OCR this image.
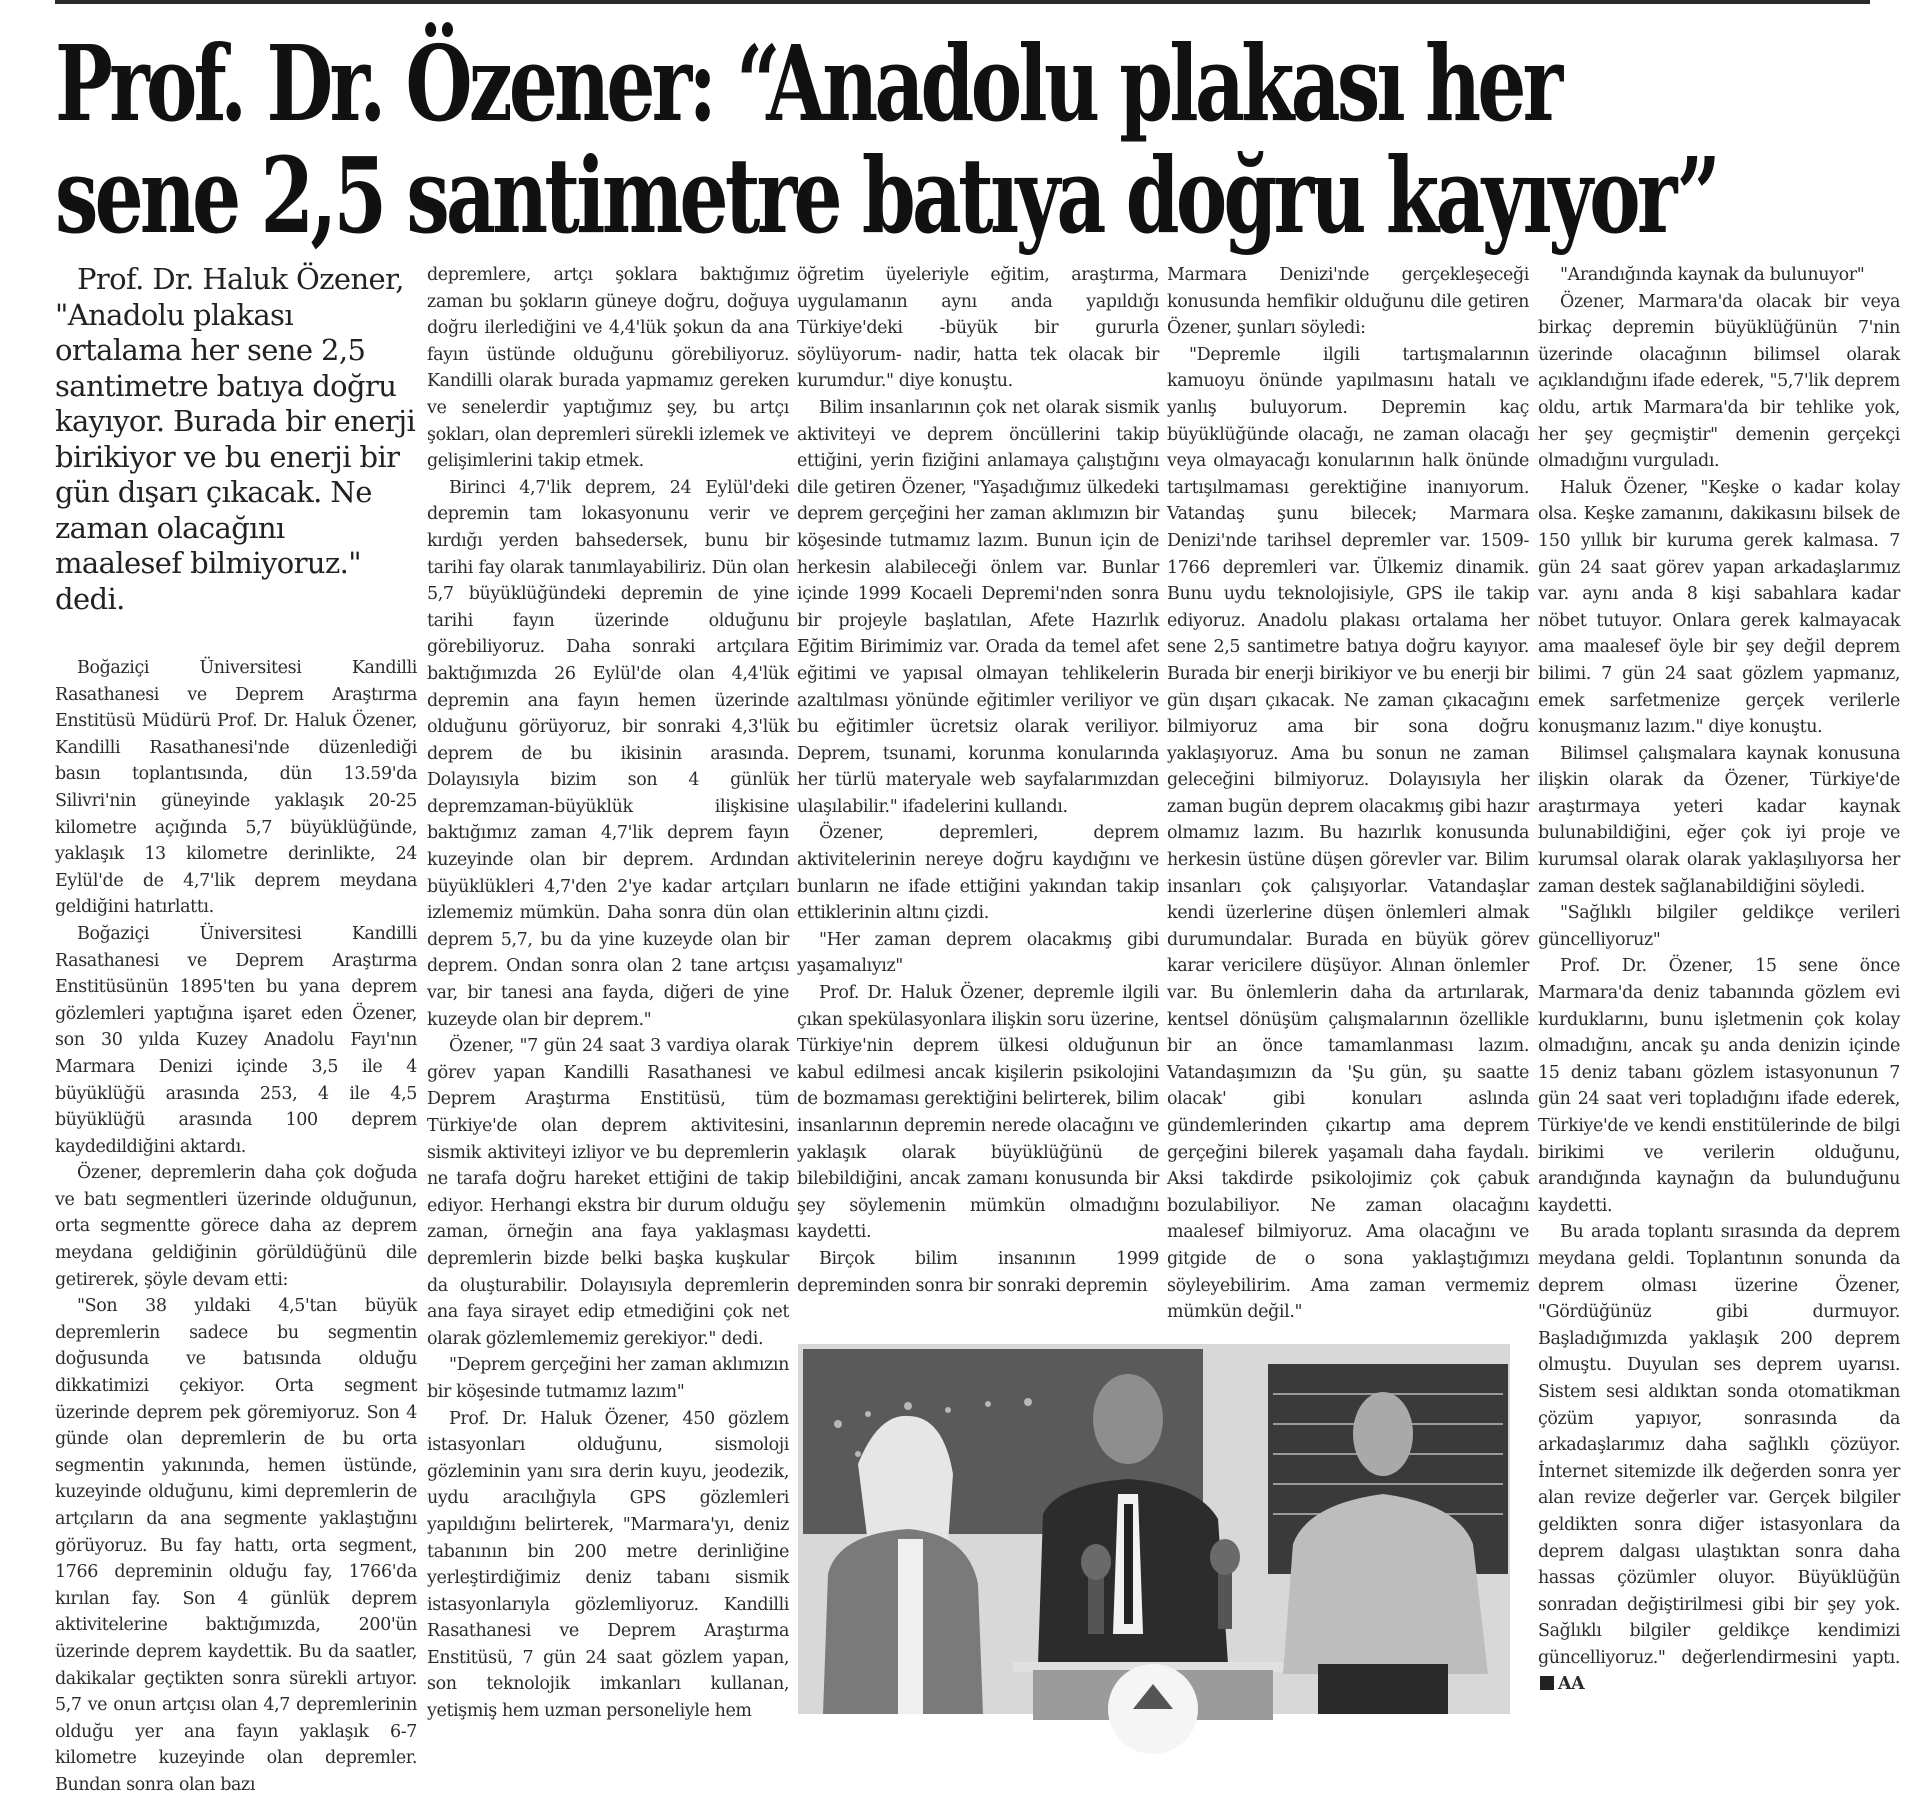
Prof. Dr. Özener: “Anadolu plakası her
sene 2,5 santimetre batıya doğru kayıyor”

Prof. Dr. Haluk Özener, "Anadolu plakası ortalama her sene 2,5 santimetre batıya doğru kayıyor. Burada bir enerji birikiyor ve bu enerji bir gün dışarı çıkacak. Ne zaman olacağını maalesef bilmiyoruz." dedi.

Boğaziçi Üniversitesi Kandilli Rasathanesi ve Deprem Araştırma Enstitüsü Müdürü Prof. Dr. Haluk Özener, Kandilli Rasathanesi'nde düzenlediği basın toplantısında, dün 13.59'da Silivri'nin güneyinde yaklaşık 20-25 kilometre açığında 5,7 büyüklüğünde, yaklaşık 13 kilometre derinlikte, 24 Eylül'de de 4,7'lik deprem meydana geldiğini hatırlattı.

Boğaziçi Üniversitesi Kandilli Rasathanesi ve Deprem Araştırma Enstitüsünün 1895'ten bu yana deprem gözlemleri yaptığına işaret eden Özener, son 30 yılda Kuzey Anadolu Fayı'nın Marmara Denizi içinde 3,5 ile 4 büyüklüğü arasında 253, 4 ile 4,5 büyüklüğü arasında 100 deprem kaydedildiğini aktardı.

Özener, depremlerin daha çok doğuda ve batı segmentleri üzerinde olduğunun, orta segmentte görece daha az deprem meydana geldiğinin görüldüğünü dile getirerek, şöyle devam etti:

"Son 38 yıldaki 4,5'tan büyük depremlerin sadece bu segmentin doğusunda ve batısında olduğu dikkatimizi çekiyor. Orta segment üzerinde deprem pek göremiyoruz. Son 4 günde olan depremlerin de bu orta segmentin yakınında, hemen üstünde, kuzeyinde olduğunu, kimi depremlerin de artçıların da ana segmente yaklaştığını görüyoruz. Bu fay hattı, orta segment, 1766 depreminin olduğu fay, 1766'da kırılan fay. Son 4 günlük deprem aktivitelerine baktığımızda, 200'ün üzerinde deprem kaydettik. Bu da saatler, dakikalar geçtikten sonra sürekli artıyor. 5,7 ve onun artçısı olan 4,7 depremlerinin olduğu yer ana fayın yaklaşık 6-7 kilometre kuzeyinde olan depremler. Bundan sonra olan bazı

depremlere, artçı şoklara baktığımız zaman bu şokların güneye doğru, doğuya doğru ilerlediğini ve 4,4'lük şokun da ana fayın üstünde olduğunu görebiliyoruz. Kandilli olarak burada yapmamız gereken ve senelerdir yaptığımız şey, bu artçı şokları, olan depremleri sürekli izlemek ve gelişimlerini takip etmek.

Birinci 4,7'lik deprem, 24 Eylül'deki depremin tam lokasyonunu verir ve kırdığı yerden bahsedersek, bunu bir tarihi fay olarak tanımlayabiliriz. Dün olan 5,7 büyüklüğündeki depremin de yine tarihi fayın üzerinde olduğunu görebiliyoruz. Daha sonraki artçılara baktığımızda 26 Eylül'de olan 4,4'lük depremin ana fayın hemen üzerinde olduğunu görüyoruz, bir sonraki 4,3'lük deprem de bu ikisinin arasında. Dolayısıyla bizim son 4 günlük depremzaman-büyüklük ilişkisine baktığımız zaman 4,7'lik deprem fayın kuzeyinde olan bir deprem. Ardından büyüklükleri 4,7'den 2'ye kadar artçıları izlememiz mümkün. Daha sonra dün olan deprem 5,7, bu da yine kuzeyde olan bir deprem. Ondan sonra olan 2 tane artçısı var, bir tanesi ana fayda, diğeri de yine kuzeyde olan bir deprem."

Özener, "7 gün 24 saat 3 vardiya olarak görev yapan Kandilli Rasathanesi ve Deprem Araştırma Enstitüsü, tüm Türkiye'de olan deprem aktivitesini, sismik aktiviteyi izliyor ve bu depremlerin ne tarafa doğru hareket ettiğini de takip ediyor. Herhangi ekstra bir durum olduğu zaman, örneğin ana faya yaklaşması depremlerin bizde belki başka kuşkular da oluşturabilir. Dolayısıyla depremlerin ana faya sirayet edip etmediğini çok net olarak gözlemlememiz gerekiyor." dedi.

"Deprem gerçeğini her zaman aklımızın bir köşesinde tutmamız lazım"

Prof. Dr. Haluk Özener, 450 gözlem istasyonları olduğunu, sismoloji gözleminin yanı sıra derin kuyu, jeodezik, uydu aracılığıyla GPS gözlemleri yapıldığını belirterek, "Marmara'yı, deniz tabanının bin 200 metre derinliğine yerleştirdiğimiz deniz tabanı sismik istasyonlarıyla gözlemliyoruz. Kandilli Rasathanesi ve Deprem Araştırma Enstitüsü, 7 gün 24 saat gözlem yapan, son teknolojik imkanları kullanan, yetişmiş hem uzman personeliyle hem

öğretim üyeleriyle eğitim, araştırma, uygulamanın aynı anda yapıldığı Türkiye'deki -büyük bir gururla söylüyorum- nadir, hatta tek olacak bir kurumdur." diye konuştu.

Bilim insanlarının çok net olarak sismik aktiviteyi ve deprem öncüllerini takip ettiğini, yerin fiziğini anlamaya çalıştığını dile getiren Özener, "Yaşadığımız ülkedeki deprem gerçeğini her zaman aklımızın bir köşesinde tutmamız lazım. Bunun için de herkesin alabileceği önlem var. Bunlar içinde 1999 Kocaeli Depremi'nden sonra bir projeyle başlatılan, Afete Hazırlık Eğitim Birimimiz var. Orada da temel afet eğitimi ve yapısal olmayan tehlikelerin azaltılması yönünde eğitimler veriliyor ve bu eğitimler ücretsiz olarak veriliyor. Deprem, tsunami, korunma konularında her türlü materyale web sayfalarımızdan ulaşılabilir." ifadelerini kullandı.

Özener, depremleri, deprem aktivitelerinin nereye doğru kaydığını ve bunların ne ifade ettiğini yakından takip ettiklerinin altını çizdi.

"Her zaman deprem olacakmış gibi yaşamalıyız"

Prof. Dr. Haluk Özener, depremle ilgili çıkan spekülasyonlara ilişkin soru üzerine, Türkiye'nin deprem ülkesi olduğunun kabul edilmesi ancak kişilerin psikolojini de bozmaması gerektiğini belirterek, bilim insanlarının depremin nerede olacağını ve yaklaşık olarak büyüklüğünü de bilebildiğini, ancak zamanı konusunda bir şey söylemenin mümkün olmadığını kaydetti.

Birçok bilim insanının 1999 depreminden sonra bir sonraki depremin

Marmara Denizi'nde gerçekleşeceği konusunda hemfikir olduğunu dile getiren Özener, şunları söyledi:

"Depremle ilgili tartışmalarının kamuoyu önünde yapılmasını hatalı ve yanlış buluyorum. Depremin kaç büyüklüğünde olacağı, ne zaman olacağı veya olmayacağı konularının halk önünde tartışılmaması gerektiğine inanıyorum. Vatandaş şunu bilecek; Marmara Denizi'nde tarihsel depremler var. 1509-1766 depremleri var. Ülkemiz dinamik. Bunu uydu teknolojisiyle, GPS ile takip ediyoruz. Anadolu plakası ortalama her sene 2,5 santimetre batıya doğru kayıyor. Burada bir enerji birikiyor ve bu enerji bir gün dışarı çıkacak. Ne zaman çıkacağını bilmiyoruz ama bir sona doğru yaklaşıyoruz. Ama bu sonun ne zaman geleceğini bilmiyoruz. Dolayısıyla her zaman bugün deprem olacakmış gibi hazır olmamız lazım. Bu hazırlık konusunda herkesin üstüne düşen görevler var. Bilim insanları çok çalışıyorlar. Vatandaşlar kendi üzerlerine düşen önlemleri almak durumundalar. Burada en büyük görev karar vericilere düşüyor. Alınan önlemler var. Bu önlemlerin daha da artırılarak, kentsel dönüşüm çalışmalarının özellikle bir an önce tamamlanması lazım. Vatandaşımızın da 'Şu gün, şu saatte olacak' gibi konuları aslında gündemlerinden çıkartıp ama deprem gerçeğini bilerek yaşamalı daha faydalı. Aksi takdirde psikolojimiz çok çabuk bozulabiliyor. Ne zaman olacağını maalesef bilmiyoruz. Ama olacağını ve gitgide de o sona yaklaştığımızı söyleyebilirim. Ama zaman vermemiz mümkün değil."

"Arandığında kaynak da bulunuyor"

Özener, Marmara'da olacak bir veya birkaç depremin büyüklüğünün 7'nin üzerinde olacağının bilimsel olarak açıklandığını ifade ederek, "5,7'lik deprem oldu, artık Marmara'da bir tehlike yok, her şey geçmiştir" demenin gerçekçi olmadığını vurguladı.

Haluk Özener, "Keşke o kadar kolay olsa. Keşke zamanını, dakikasını bilsek de 150 yıllık bir kuruma gerek kalmasa. 7 gün 24 saat görev yapan arkadaşlarımız var. aynı anda 8 kişi sabahlara kadar nöbet tutuyor. Onlara gerek kalmayacak ama maalesef öyle bir şey değil deprem bilimi. 7 gün 24 saat gözlem yapmanız, emek sarfetmenize gerçek verilerle konuşmanız lazım." diye konuştu.

Bilimsel çalışmalara kaynak konusuna ilişkin olarak da Özener, Türkiye'de araştırmaya yeteri kadar kaynak bulunabildiğini, eğer çok iyi proje ve kurumsal olarak olarak yaklaşılıyorsa her zaman destek sağlanabildiğini söyledi.

"Sağlıklı bilgiler geldikçe verileri güncelliyoruz"

Prof. Dr. Özener, 15 sene önce Marmara'da deniz tabanında gözlem evi kurduklarını, bunu işletmenin çok kolay olmadığını, ancak şu anda denizin içinde 15 deniz tabanı gözlem istasyonunun 7 gün 24 saat veri topladığını ifade ederek, Türkiye'de ve kendi enstitülerinde de bilgi birikimi ve verilerin olduğunu, arandığında kaynağın da bulunduğunu kaydetti.

Bu arada toplantı sırasında da deprem meydana geldi. Toplantının sonunda da deprem olması üzerine Özener, "Gördüğünüz gibi durmuyor. Başladığımızda yaklaşık 200 deprem olmuştu. Duyulan ses deprem uyarısı. Sistem sesi aldıktan sonda otomatikman çözüm yapıyor, sonrasında da arkadaşlarımız daha sağlıklı çözüyor. İnternet sitemizde ilk değerden sonra yer alan revize değerler var. Gerçek bilgiler geldikten sonra diğer istasyonlara da deprem dalgası ulaştıktan sonra daha hassas çözümler oluyor. Büyüklüğün sonradan değiştirilmesi gibi bir şey yok. Sağlıklı bilgiler geldikçe kendimizi güncelliyoruz." değerlendirmesini yaptı. AA
